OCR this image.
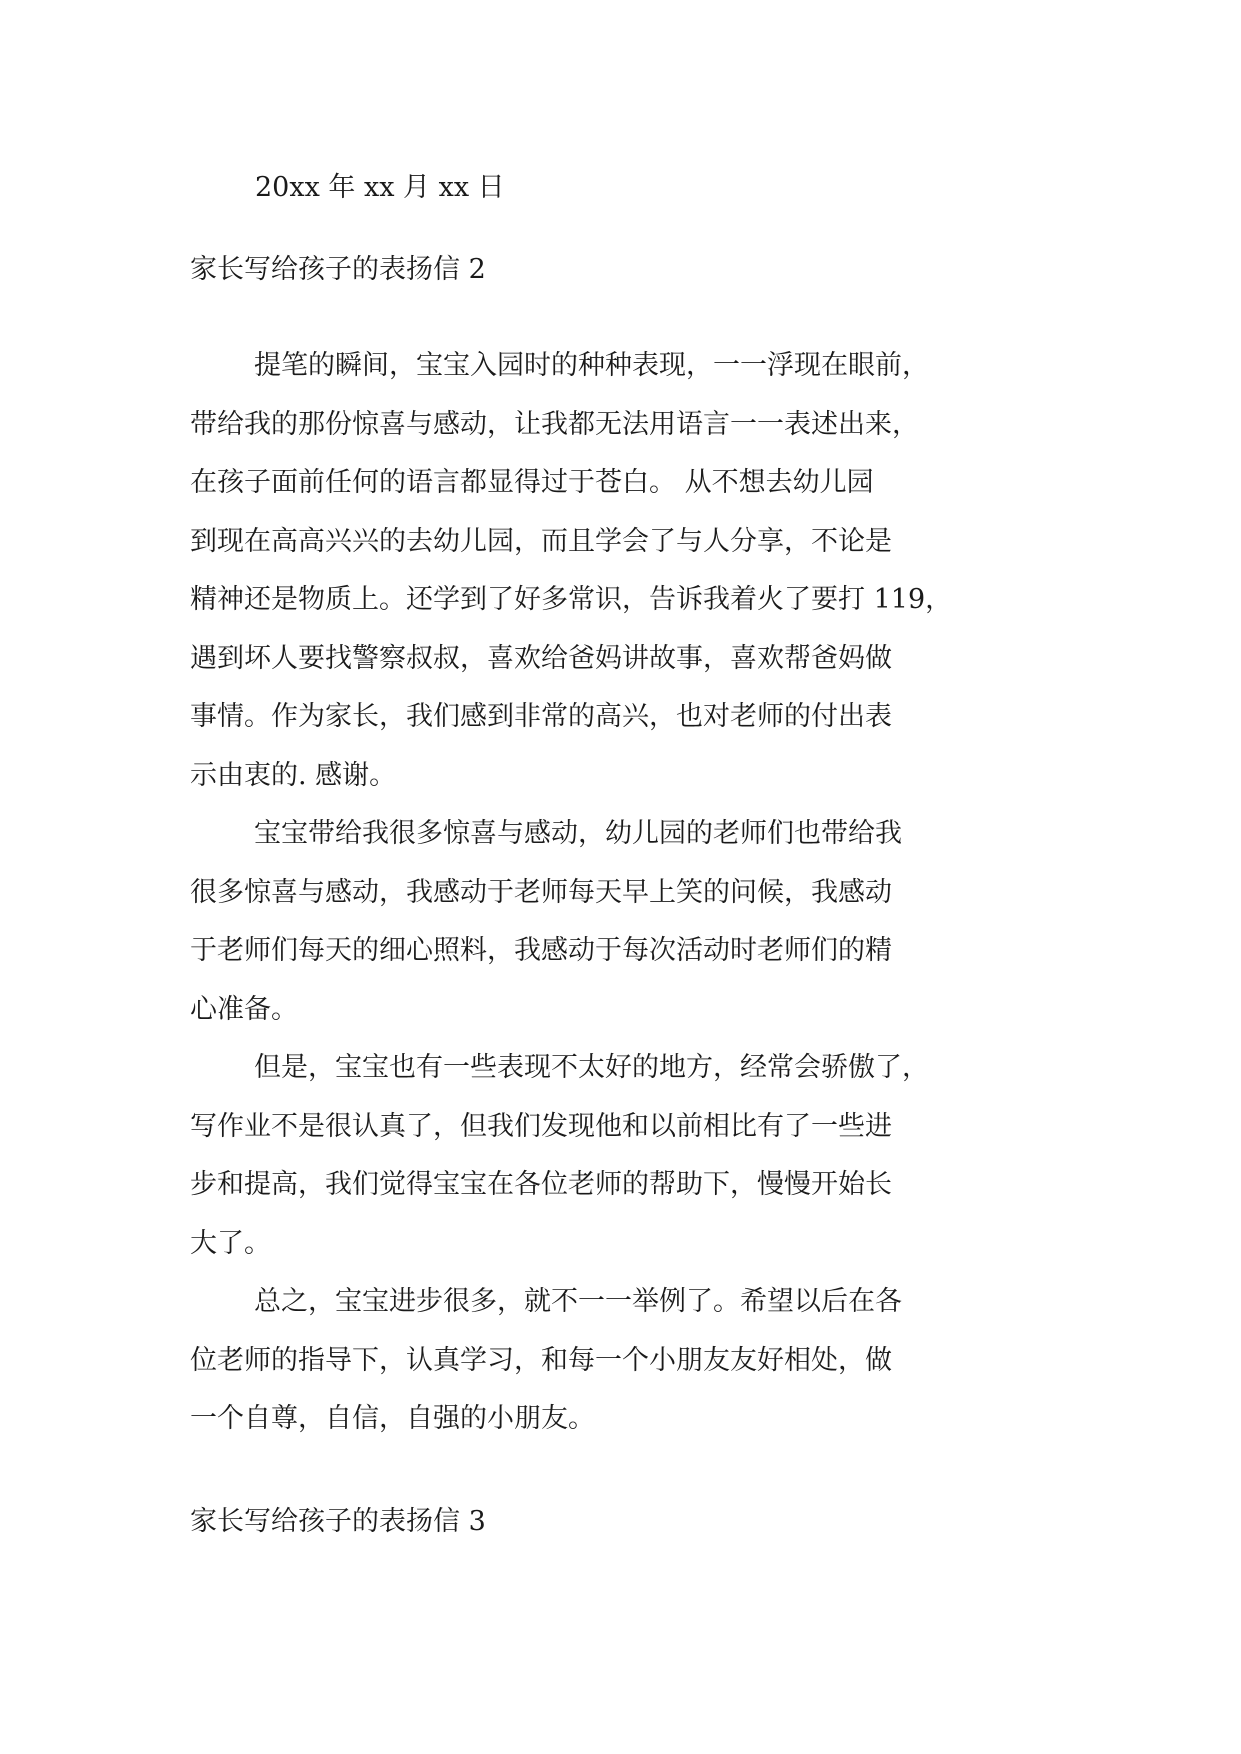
20xx 年 xx 月 xx 日
家长写给孩子的表扬信 2

提笔的瞬间，宝宝入园时的种种表现，一一浮现在眼前，
带给我的那份惊喜与感动，让我都无法用语言一一表述出来，
在孩子面前任何的语言都显得过于苍白。 从不想去幼儿园
到现在高高兴兴的去幼儿园，而且学会了与人分享，不论是
精神还是物质上。还学到了好多常识，告诉我着火了要打 119，
遇到坏人要找警察叔叔，喜欢给爸妈讲故事，喜欢帮爸妈做
事情。作为家长，我们感到非常的高兴，也对老师的付出表
示由衷的. 感谢。

宝宝带给我很多惊喜与感动，幼儿园的老师们也带给我
很多惊喜与感动，我感动于老师每天早上笑的问候，我感动
于老师们每天的细心照料，我感动于每次活动时老师们的精
心准备。

但是，宝宝也有一些表现不太好的地方，经常会骄傲了，
写作业不是很认真了，但我们发现他和以前相比有了一些进
步和提高，我们觉得宝宝在各位老师的帮助下，慢慢开始长
大了。

总之，宝宝进步很多，就不一一举例了。希望以后在各
位老师的指导下，认真学习，和每一个小朋友友好相处，做
一个自尊，自信，自强的小朋友。

家长写给孩子的表扬信 3
